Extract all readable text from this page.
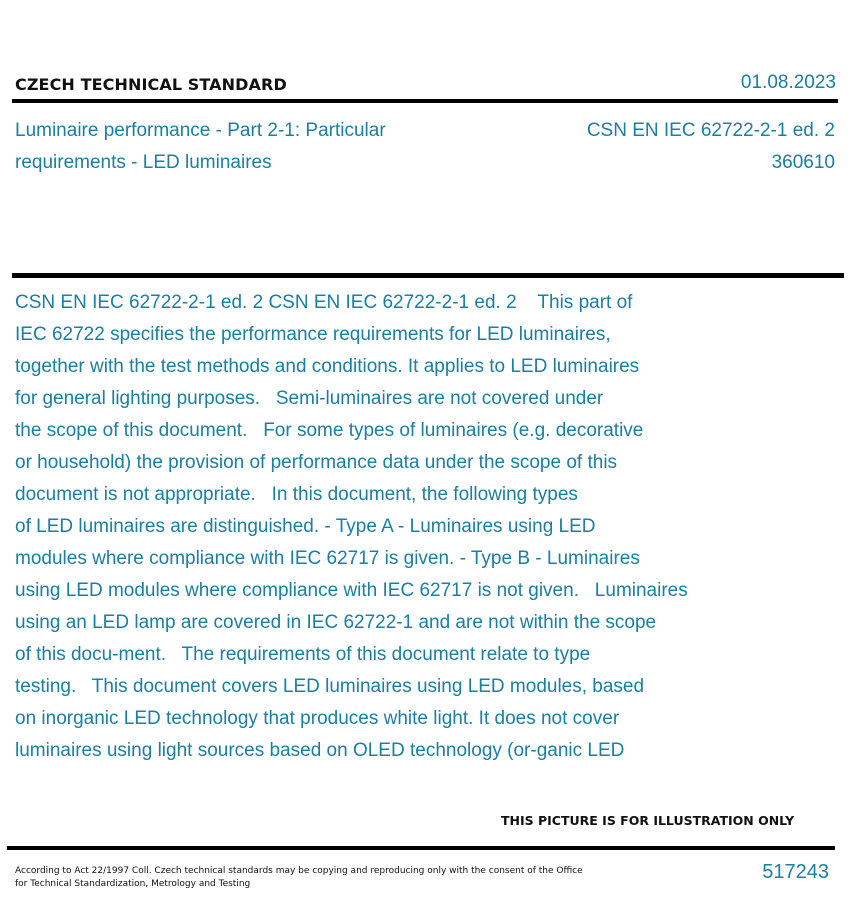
CZECH TECHNICAL STANDARD	01.08.2023
Luminaire performance - Part 2-1: Particular
requirements - LED luminaires
CSN EN IEC 62722-2-1 ed. 2
360610
CSN EN IEC 62722-2-1 ed. 2 CSN EN IEC 62722-2-1 ed. 2    This part of
IEC 62722 specifies the performance requirements for LED luminaires,
together with the test methods and conditions. It applies to LED luminaires
for general lighting purposes.   Semi-luminaires are not covered under
the scope of this document.   For some types of luminaires (e.g. decorative
or household) the provision of performance data under the scope of this
document is not appropriate.   In this document, the following types
of LED luminaires are distinguished. - Type A - Luminaires using LED
modules where compliance with IEC 62717 is given. - Type B - Luminaires
using LED modules where compliance with IEC 62717 is not given.   Luminaires
using an LED lamp are covered in IEC 62722-1 and are not within the scope
of this docu-ment.   The requirements of this document relate to type
testing.   This document covers LED luminaires using LED modules, based
on inorganic LED technology that produces white light. It does not cover
luminaires using light sources based on OLED technology (or-ganic LED
THIS PICTURE IS FOR ILLUSTRATION ONLY
According to Act 22/1997 Coll. Czech technical standards may be copying and reproducing only with the consent of the Office
for Technical Standardization, Metrology and Testing
517243
